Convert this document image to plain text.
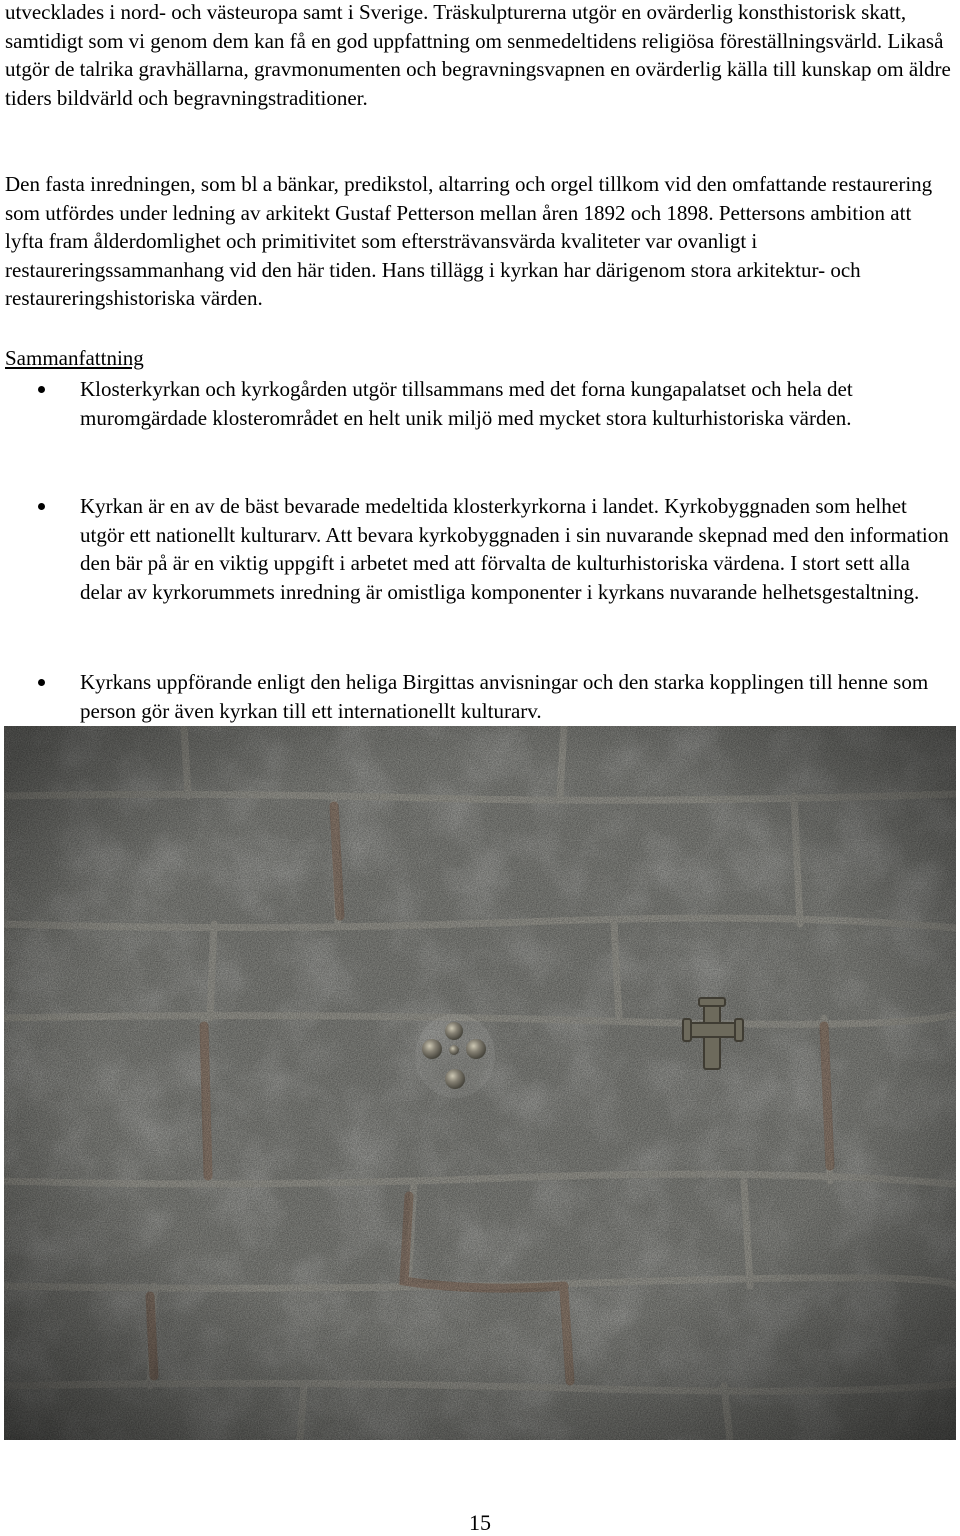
utvecklades i nord- och västeuropa samt i Sverige. Träskulpturerna utgör en ovärderlig konsthistorisk skatt, samtidigt som vi genom dem kan få en god uppfattning om senmedeltidens religiösa föreställningsvärld. Likaså utgör de talrika gravhällarna, gravmonumenten och begravningsvapnen en ovärderlig källa till kunskap om äldre tiders bildvärld och begravningstraditioner.

Den fasta inredningen, som bl a bänkar, predikstol, altarring och orgel tillkom vid den omfattande restaurering som utfördes under ledning av arkitekt Gustaf Petterson mellan åren 1892 och 1898. Pettersons ambition att lyfta fram ålderdomlighet och primitivitet som eftersträvansvärda kvaliteter var ovanligt i restaureringssammanhang vid den här tiden. Hans tillägg i kyrkan har därigenom stora arkitektur- och restaureringshistoriska värden.

Sammanfattning

Klosterkyrkan och kyrkogården utgör tillsammans med det forna kungapalatset och hela det muromgärdade klosterområdet en helt unik miljö med mycket stora kulturhistoriska värden.

Kyrkan är en av de bäst bevarade medeltida klosterkyrkorna i landet. Kyrkobyggnaden som helhet utgör ett nationellt kulturarv. Att bevara kyrkobyggnaden i sin nuvarande skepnad med den information den bär på är en viktig uppgift i arbetet med att förvalta de kulturhistoriska värdena. I stort sett alla delar av kyrkorummets inredning är omistliga komponenter i kyrkans nuvarande helhetsgestaltning.

Kyrkans uppförande enligt den heliga Birgittas anvisningar och den starka kopplingen till henne som person gör även kyrkan till ett internationellt kulturarv.

15
